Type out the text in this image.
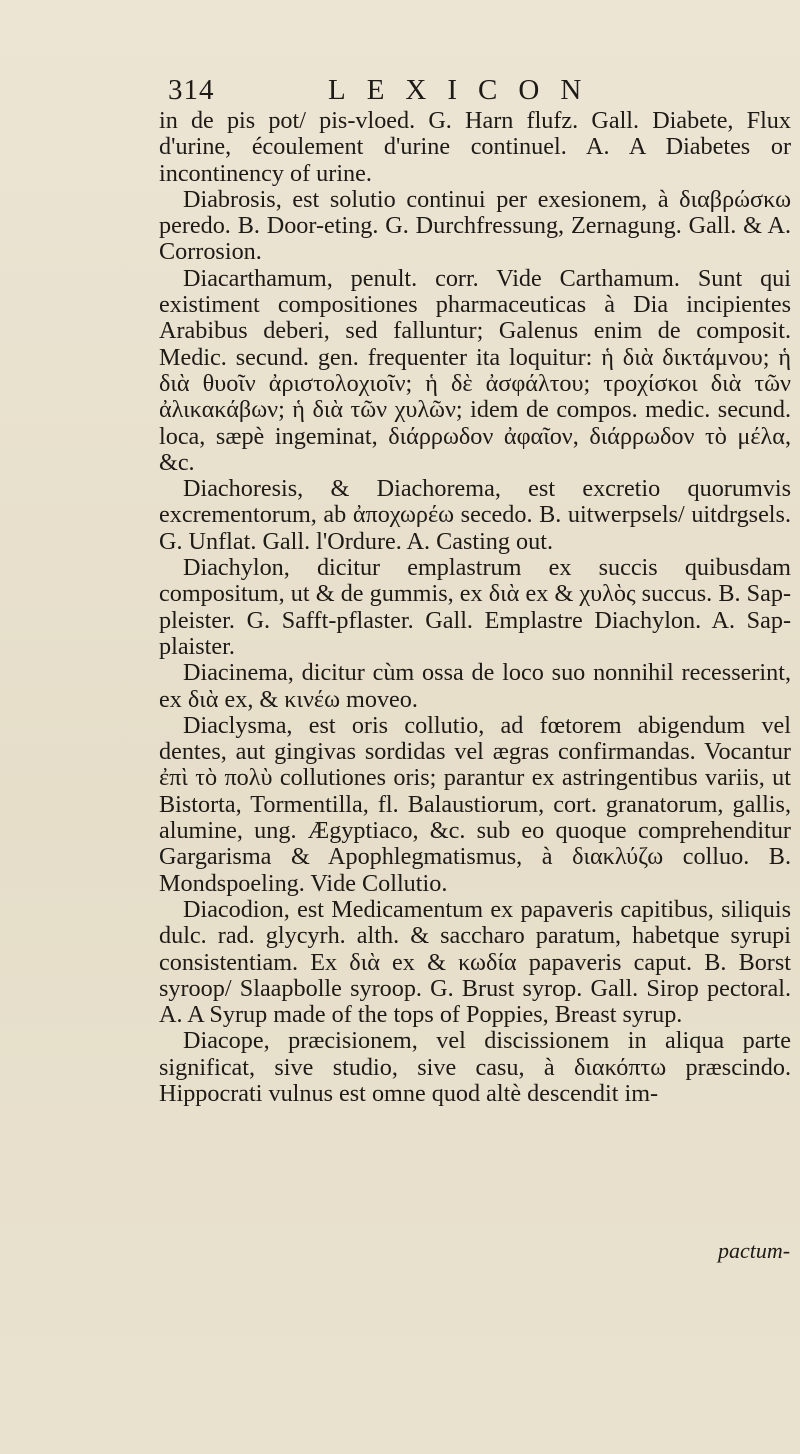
314	LEXICON

in de pis pot/ pis-vloed. G. Harn flufz. Gall. Diabete, Flux d'urine, écoulement d'urine continuel. A. A Diabetes or incontinency of urine.

Diabrosis, est solutio continui per exesionem, à διαβρώσκω peredo. B. Door-eting. G. Durchfressung, Zernagung. Gall. & A. Corrosion.

Diacarthamum, penult. corr. Vide Carthamum. Sunt qui existiment compositiones pharmaceuticas à Dia incipientes Arabibus deberi, sed falluntur; Galenus enim de composit. Medic. secund. gen. frequenter ita loquitur: ἡ διὰ δικτάμνου; ἡ διὰ θυοῖν ἀριστολοχιοῖν; ἡ δὲ ἀσφάλτου; τροχίσκοι διὰ τῶν ἀλικακάβων; ἡ διὰ τῶν χυλῶν; idem de compos. medic. secund. loca, sæpè ingeminat, διάρρωδον ἀφαῖον, διάρρωδον τὸ μέλα, &c.

Diachoresis, & Diachorema, est excretio quorumvis excrementorum, ab ἀποχωρέω secedo. B. uitwerpsels/ uitdrgsels. G. Unflat. Gall. l'Ordure. A. Casting out.

Diachylon, dicitur emplastrum ex succis quibusdam compositum, ut & de gummis, ex διὰ ex & χυλὸς succus. B. Sap-pleister. G. Safft-pflaster. Gall. Emplastre Diachylon. A. Sap-plaister.

Diacinema, dicitur cùm ossa de loco suo nonnihil recesserint, ex διὰ ex, & κινέω moveo.

Diaclysma, est oris collutio, ad fœtorem abigendum vel dentes, aut gingivas sordidas vel ægras confirmandas. Vocantur ἐπὶ τὸ πολὺ collutiones oris; parantur ex astringentibus variis, ut Bistorta, Tormentilla, fl. Balaustiorum, cort. granatorum, gallis, alumine, ung. Ægyptiaco, &c. sub eo quoque comprehenditur Gargarisma & Apophlegmatismus, à διακλύζω colluo. B. Mondspoeling. Vide Collutio.

Diacodion, est Medicamentum ex papaveris capitibus, siliquis dulc. rad. glycyrh. alth. & saccharo paratum, habetque syrupi consistentiam. Ex διὰ ex & κωδία papaveris caput. B. Borst syroop/ Slaapbolle syroop. G. Brust syrop. Gall. Sirop pectoral. A. A Syrup made of the tops of Poppies, Breast syrup.

Diacope, præcisionem, vel discissionem in aliqua parte significat, sive studio, sive casu, à διακόπτω præscindo. Hippocrati vulnus est omne quod altè descendit im-

pactum-
